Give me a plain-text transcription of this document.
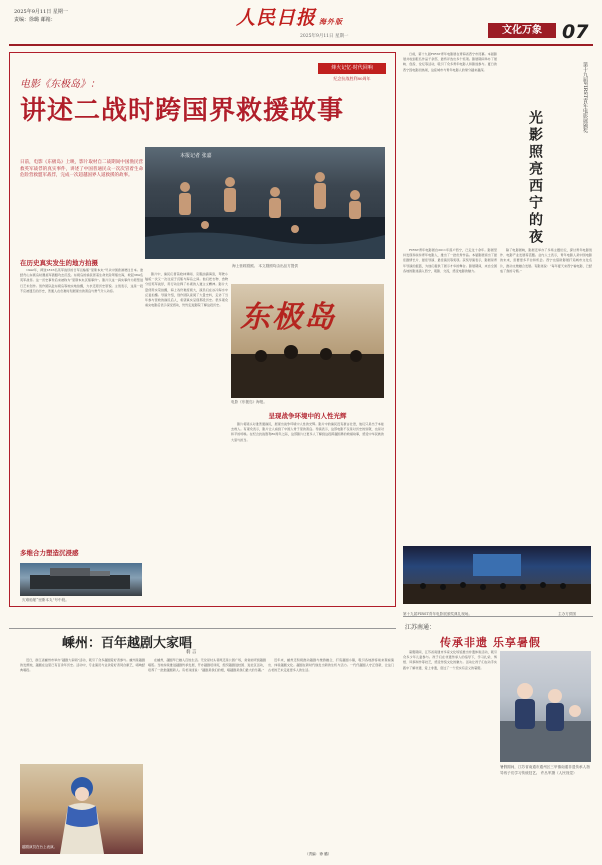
2025年9月11日 星期一
责编：徐璐 邮箱：	人民日报 海外版
2025年9月11日 星期一
文化万象	07
烽火记忆·时代回响
纪念抗战胜利80周年
电影《东极岛》：
讲述二战时跨国界救援故事
日前，电影《东极岛》上映，影片取材自二战期间中国渔民营救英军战俘的真实事件，讲述了中国普通民众一次次冒着生命危险营救盟军战俘，完成一次超越国界人道救援的故事。
本报记者 张嘉
海上营救剧照。 本文剧照均由出品方提供
在历史真实发生的地方拍摄

1942年，押送1816名英军战俘的日军运输船“里斯本丸”号从中国香港驶往日本。途经舟山东极岛时遭美军潜艇攻击沉没。东极岛的渔民冒着生命危险驾船出海，救起384名英军战俘。这一历史事件后来被称为“里斯本丸沉船事件”。影片以这一真实事件为原型进行艺术创作。创作团队赴东极岛等地实地拍摄，力求还原历史原貌。主创表示，这是一段不应被遗忘的历史，普通人在危难时刻展现出的善良与勇气令人动容。

影片中，渔民们冒着枪林弹雨、克服汹涌海浪，驾驶小舢板一次又一次往返于沉船与海岛之间。他们把衣物、食物分给英军战俘，用行动诠释了朴素的人道主义精神。影片大量使用实景拍摄，海上戏份难度极大，演员们在冰冷海水中反复拍摄。导演介绍，创作团队查阅了大量史料，走访了当年参与营救的渔民后人，希望真实呈现那段历史。很多观众看完电影后表示深受感动，纷纷走进影院了解这段历史。

多维合力塑造沉浸感
灾难船舶“里斯本丸”号中段。
东极岛
电影《东极岛》海报。
呈现战争环境中的人性光辉

影片将镜头对准普通渔民，展现出战争环境中人性的光辉。影片中的渔民没有豪言壮语，他们只是出于本能去救人。有观众表示，影片让人看到了中国人骨子里的善良。导演表示，这部电影不仅是对历史的致敬，也是对和平的呼唤。在纪念抗战胜利80周年之际，这部影片让更多人了解到这段跨越国界的救援故事，感受中华民族的大爱与担当。

日前，第十九届FIRST青年电影展在青海省西宁市闭幕。本届影展共收到报名作品千余部，最终评选出多个奖项。影展期间举办了展映、创投、论坛等活动，吸引了众多青年电影人和影迷参与。夏日的西宁因电影而热闹，这座城市与青年电影人的缘分越来越深。	第十九届FIRST青年电影展颁奖
光影照亮西宁的夜

FIRST青年电影展自2011年落户西宁，已走过十余年。影展坚持发现和扶持青年电影人，推出了一批优秀作品。本届影展颁出了最佳剧情长片、最佳导演、最佳演员等奖项。获奖导演表示，影展是青年导演的摇篮，为他们提供了展示才华的舞台。影展期间，来自全国各地的影迷涌入西宁，观影、交流，感受电影的魅力。

除了电影展映，影展还举办了多场主题论坛，探讨青年电影创作、电影产业发展等话题。业内人士表示，青年电影人是中国电影的未来，需要更多平台和机会。西宁也借助影展打造城市文化名片，推动文旅融合发展。有影迷说：“每年夏天来西宁看电影，已经成了我的习惯。”

第十九届FIRST青年电影展颁奖典礼现场。	主办方供图
嵊州：百年越剧大家唱
翁 言

近日，浙江省嵊州市举办“越剧大家唱”活动，吸引了众多越剧爱好者参与。嵊州是越剧的发源地，越剧在这里已有百余年历史。活动中，专业演员与业余爱好者同台献艺，唱响经典唱段。

越剧演员在台上表演。

在嵊州，越剧早已融入百姓生活。无论是村头巷尾还是公园广场，常常能听到越剧唱腔。当地持续推进越剧传承发展，开办越剧培训班，组织越剧进校园、进社区活动，培养了一批批越剧新人。有老戏迷说：“越剧是我们的根，唱越剧是我们最大的乐趣。”

近年来，嵊州还积极推动越剧与旅游融合，打造越剧小镇，吸引各地游客前来观看演出、体验越剧文化。越剧在新时代焕发出新的生机与活力。一代代越剧人守正创新，让这门古老的艺术走进更多人的生活。

（责编：徐 璐）
江苏南通：
传承非遗 乐享暑假

暑假期间，江苏省南通市多家文化场馆推出非遗体验活动，吸引众多少年儿童参与。孩子们在非遗传承人的指导下，学习扎染、剪纸、风筝制作等技艺，感受传统文化的魅力。活动让孩子们在动手实践中了解非遗、爱上非遗，度过了一个充实有意义的暑假。

暑假期间，江苏省南通市通州区三甲镇南通非遗传承人指导孩子们学习传统技艺。 许丛军摄（人民视觉）
